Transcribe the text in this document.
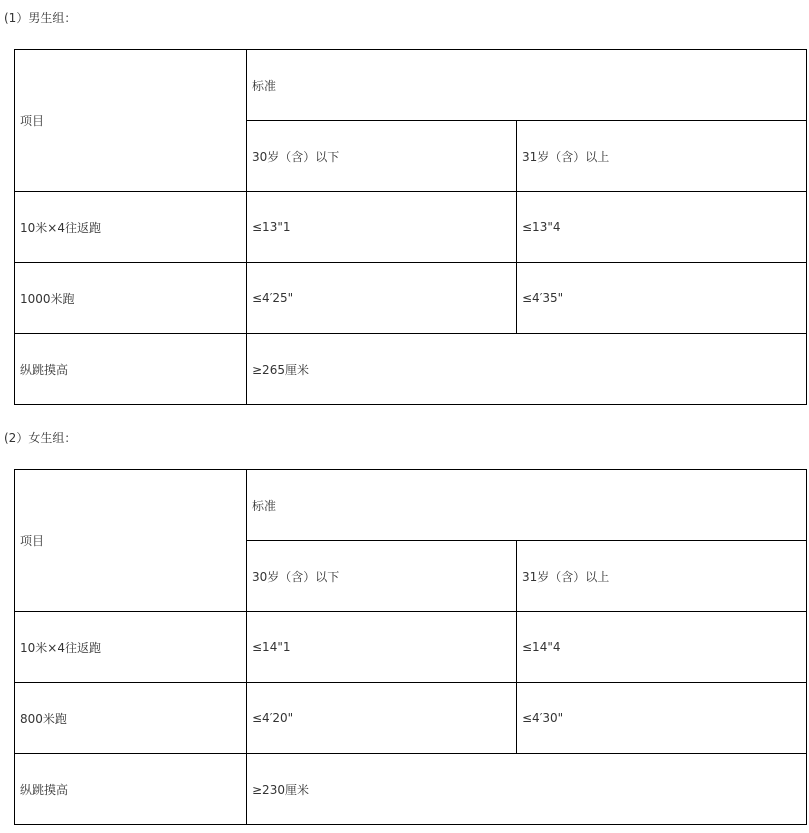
(1）男生组：
项目	标准	
	30岁（含）以下	31岁（含）以上
10米×4往返跑	≤13"1	≤13"4
1000米跑	≤4′25"	≤4′35"
纵跳摸高	≥265厘米	
(2）女生组：
项目	标准	
	30岁（含）以下	31岁（含）以上
10米×4往返跑	≤14"1	≤14"4
800米跑	≤4′20"	≤4′30"
纵跳摸高	≥230厘米	
